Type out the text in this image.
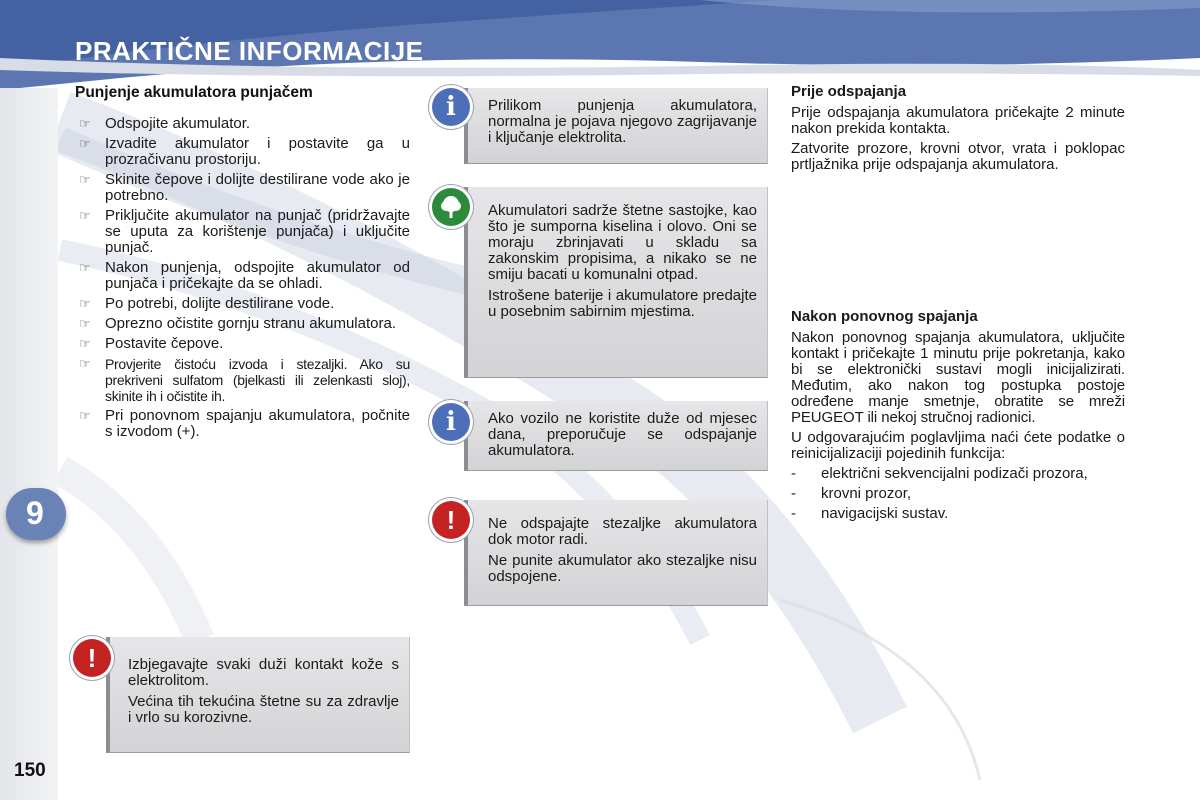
PRAKTIČNE INFORMACIJE
9
150
Punjenje akumulatora punjačem
☞ Odspojite akumulator.
☞ Izvadite akumulator i postavite ga u prozračivanu prostoriju.
☞ Skinite čepove i dolijte destilirane vode ako je potrebno.
☞ Priključite akumulator na punjač (pridržavajte se uputa za korištenje punjača) i uključite punjač.
☞ Nakon punjenja, odspojite akumulator od punjača i pričekajte da se ohladi.
☞ Po potrebi, dolijte destilirane vode.
☞ Oprezno očistite gornju stranu akumulatora.
☞ Postavite čepove.
☞ Provjerite čistoću izvoda i stezaljki. Ako su prekriveni sulfatom (bjelkasti ili zelenkasti sloj), skinite ih i očistite ih.
☞ Pri ponovnom spajanju akumulatora, počnite s izvodom (+).

Izbjegavajte svaki duži kontakt kože s elektrolitom.

Većina tih tekućina štetne su za zdravlje i vrlo su korozivne.

!

Prilikom punjenja akumulatora, normalna je pojava njegovo zagrijavanje i ključanje elektrolita.

i

Akumulatori sadrže štetne sastojke, kao što je sumporna kiselina i olovo. Oni se moraju zbrinjavati u skladu sa zakonskim propisima, a nikako se ne smiju bacati u komunalni otpad.

Istrošene baterije i akumulatore predajte u posebnim sabirnim mjestima.

Ako vozilo ne koristite duže od mjesec dana, preporučuje se odspajanje akumulatora.

i

Ne odspajajte stezaljke akumulatora dok motor radi.

Ne punite akumulator ako stezaljke nisu odspojene.

!
Prije odspajanja

Prije odspajanja akumulatora pričekajte 2 minute nakon prekida kontakta.

Zatvorite prozore, krovni otvor, vrata i poklopac prtljažnika prije odspajanja akumulatora.

Nakon ponovnog spajanja

Nakon ponovnog spajanja akumulatora, uključite kontakt i pričekajte 1 minutu prije pokretanja, kako bi se elektronički sustavi mogli inicijalizirati. Međutim, ako nakon tog postupka postoje određene manje smetnje, obratite se mreži PEUGEOT ili nekoj stručnoj radionici.

U odgovarajućim poglavljima naći ćete podatke o reinicijalizaciji pojedinih funkcija:

- električni sekvencijalni podizači prozora,
- krovni prozor,
- navigacijski sustav.
